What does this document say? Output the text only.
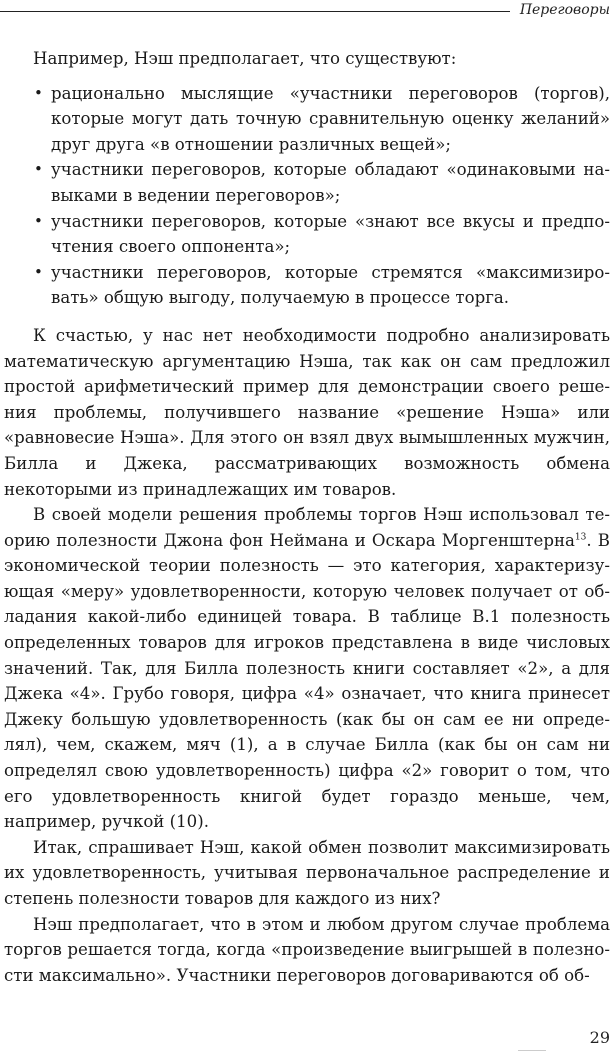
Переговоры

Например, Нэш предполагает, что существуют:

• рационально мыслящие «участники переговоров (торгов), которые могут дать точную сравнительную оценку желаний» друг друга «в отношении различных вещей»;
• участники переговоров, которые обладают «одинаковыми навыками в ведении переговоров»;
• участники переговоров, которые «знают все вкусы и предпочтения своего оппонента»;
• участники переговоров, которые стремятся «максимизировать» общую выгоду, получаемую в процессе торга.

К счастью, у нас нет необходимости подробно анализировать математическую аргументацию Нэша, так как он сам предложил простой арифметический пример для демонстрации своего решения проблемы, получившего название «решение Нэша» или «равновесие Нэша». Для этого он взял двух вымышленных мужчин, Билла и Джека, рассматривающих возможность обмена некоторыми из принадлежащих им товаров.

В своей модели решения проблемы торгов Нэш использовал теорию полезности Джона фон Неймана и Оскара Моргенштерна$^{13}$. В экономической теории полезность — это категория, характеризующая «меру» удовлетворенности, которую человек получает от обладания какой-либо единицей товара. В таблице В.1 полезность определенных товаров для игроков представлена в виде числовых значений. Так, для Билла полезность книги составляет «2», а для Джека «4». Грубо говоря, цифра «4» означает, что книга принесет Джеку большую удовлетворенность (как бы он сам ее ни определял), чем, скажем, мяч (1), а в случае Билла (как бы он сам ни определял свою удовлетворенность) цифра «2» говорит о том, что его удовлетворенность книгой будет гораздо меньше, чем, например, ручкой (10).

Итак, спрашивает Нэш, какой обмен позволит максимизировать их удовлетворенность, учитывая первоначальное распределение и степень полезности товаров для каждого из них?

Нэш предполагает, что в этом и любом другом случае проблема торгов решается тогда, когда «произведение выигрышей в полезности максимально». Участники переговоров договариваются об об-

29
